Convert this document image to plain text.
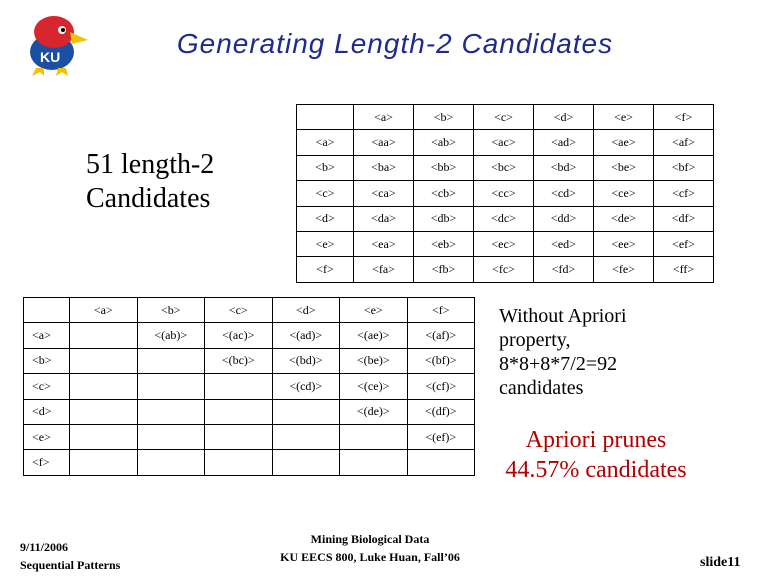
KU	Generating Length-2 Candidates
51 length-2
Candidates
	<a>	<b>	<c>	<d>	<e>	<f>
<a>	<aa>	<ab>	<ac>	<ad>	<ae>	<af>
<b>	<ba>	<bb>	<bc>	<bd>	<be>	<bf>
<c>	<ca>	<cb>	<cc>	<cd>	<ce>	<cf>
<d>	<da>	<db>	<dc>	<dd>	<de>	<df>
<e>	<ea>	<eb>	<ec>	<ed>	<ee>	<ef>
<f>	<fa>	<fb>	<fc>	<fd>	<fe>	<ff>
	<a>	<b>	<c>	<d>	<e>	<f>
<a>		<(ab)>	<(ac)>	<(ad)>	<(ae)>	<(af)>
<b>			<(bc)>	<(bd)>	<(be)>	<(bf)>
<c>				<(cd)>	<(ce)>	<(cf)>
<d>					<(de)>	<(df)>
<e>						<(ef)>
<f>						
Without Apriori
property,
8*8+8*7/2=92
candidates
Apriori prunes
44.57% candidates
9/11/2006
Sequential Patterns
Mining Biological Data
KU EECS 800, Luke Huan, Fall’06	slide11
